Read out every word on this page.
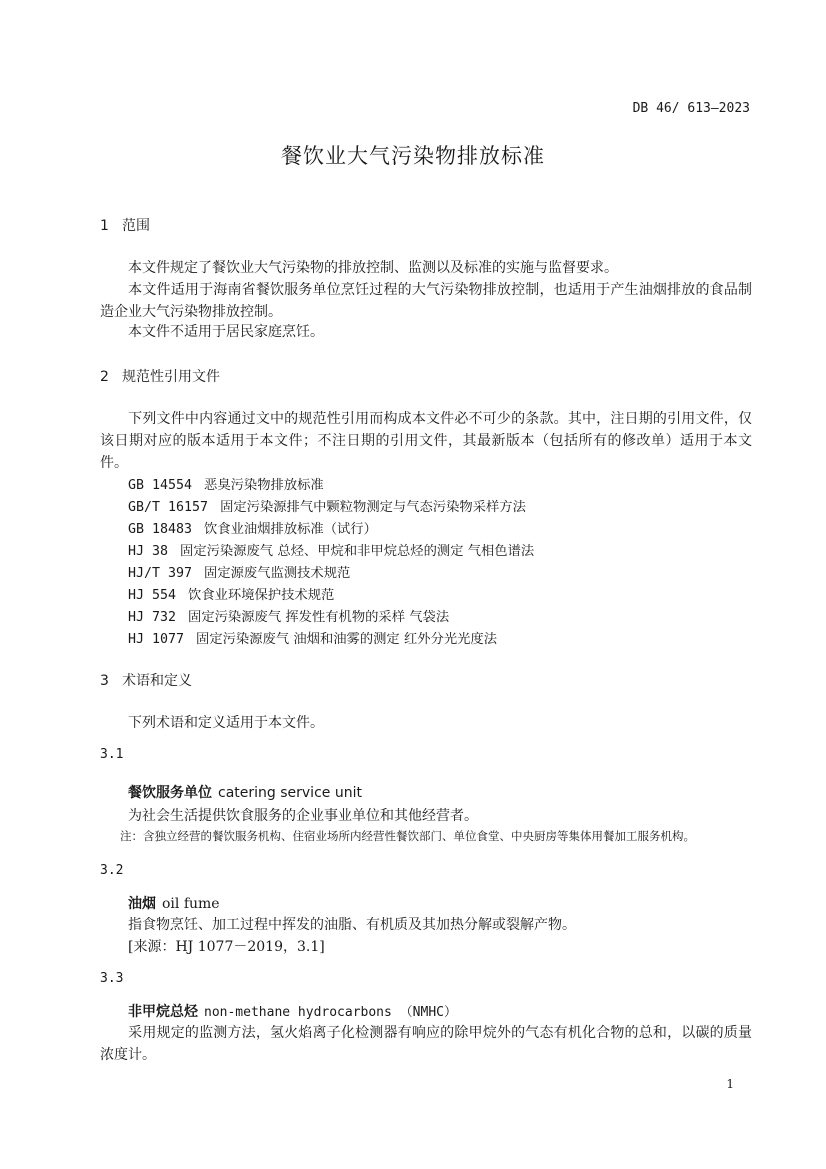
DB 46/ 613—2023
餐饮业大气污染物排放标准
1 范围
本文件规定了餐饮业大气污染物的排放控制、监测以及标准的实施与监督要求。
本文件适用于海南省餐饮服务单位烹饪过程的大气污染物排放控制，也适用于产生油烟排放的食品制造企业大气污染物排放控制。
本文件不适用于居民家庭烹饪。
2 规范性引用文件
下列文件中内容通过文中的规范性引用而构成本文件必不可少的条款。其中，注日期的引用文件，仅该日期对应的版本适用于本文件；不注日期的引用文件，其最新版本（包括所有的修改单）适用于本文件。
GB 14554 恶臭污染物排放标准
GB/T 16157 固定污染源排气中颗粒物测定与气态污染物采样方法
GB 18483 饮食业油烟排放标准（试行）
HJ 38 固定污染源废气 总烃、甲烷和非甲烷总烃的测定 气相色谱法
HJ/T 397 固定源废气监测技术规范
HJ 554 饮食业环境保护技术规范
HJ 732 固定污染源废气 挥发性有机物的采样 气袋法
HJ 1077 固定污染源废气 油烟和油雾的测定 红外分光光度法
3 术语和定义
下列术语和定义适用于本文件。
3.1
餐饮服务单位 catering service unit
为社会生活提供饮食服务的企业事业单位和其他经营者。
注：含独立经营的餐饮服务机构、住宿业场所内经营性餐饮部门、单位食堂、中央厨房等集体用餐加工服务机构。
3.2
油烟 oil fume
指食物烹饪、加工过程中挥发的油脂、有机质及其加热分解或裂解产物。
[来源：HJ 1077－2019，3.1]
3.3
非甲烷总烃 non-methane hydrocarbons （NMHC）
采用规定的监测方法，氢火焰离子化检测器有响应的除甲烷外的气态有机化合物的总和，以碳的质量浓度计。
1
